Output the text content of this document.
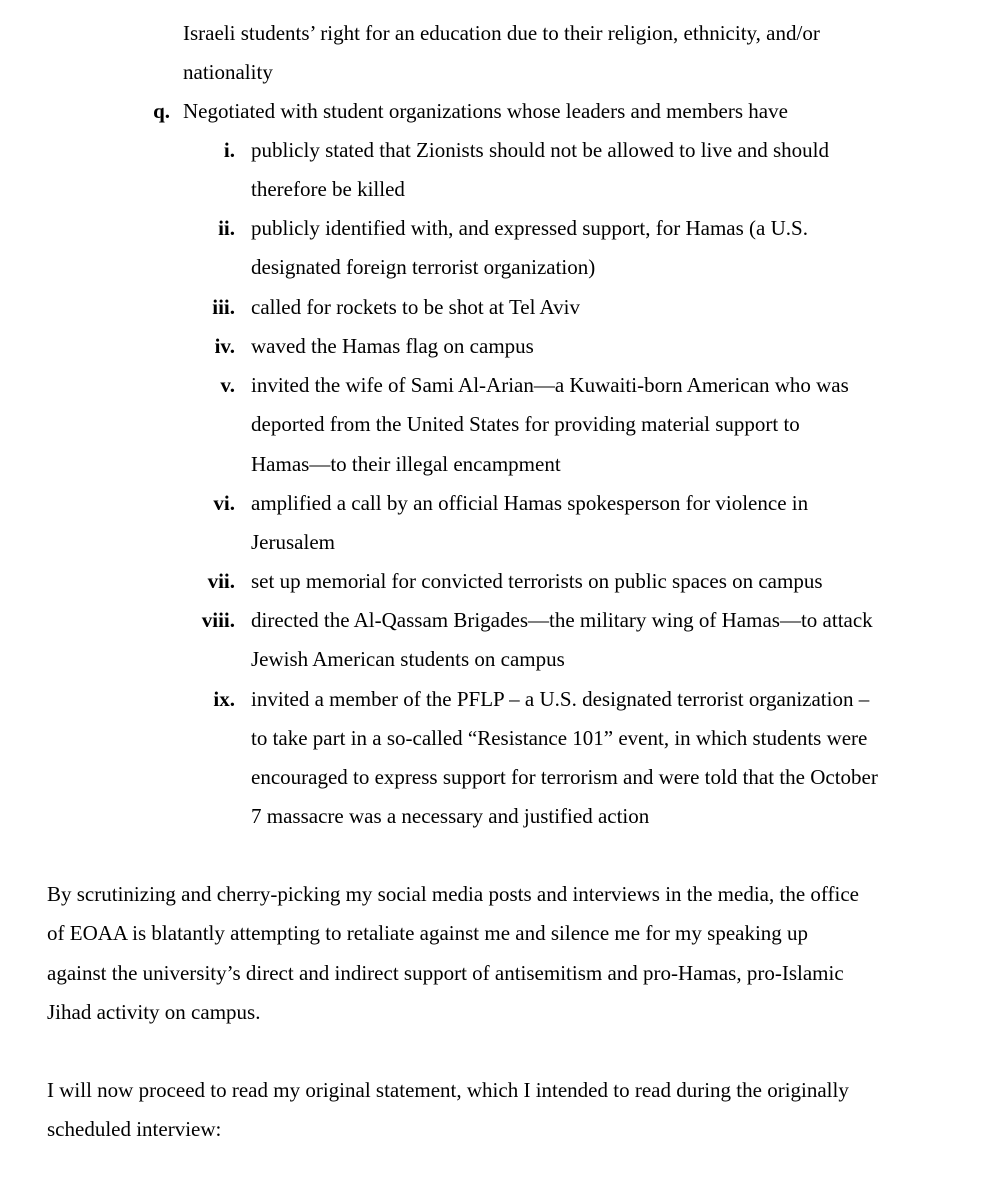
Israeli students’ right for an education due to their religion, ethnicity, and/or
nationality
q. Negotiated with student organizations whose leaders and members have
i. publicly stated that Zionists should not be allowed to live and should
therefore be killed
ii. publicly identified with, and expressed support, for Hamas (a U.S.
designated foreign terrorist organization)
iii. called for rockets to be shot at Tel Aviv
iv. waved the Hamas flag on campus
v. invited the wife of Sami Al-Arian—a Kuwaiti-born American who was
deported from the United States for providing material support to
Hamas—to their illegal encampment
vi. amplified a call by an official Hamas spokesperson for violence in
Jerusalem
vii. set up memorial for convicted terrorists on public spaces on campus
viii. directed the Al-Qassam Brigades—the military wing of Hamas—to attack
Jewish American students on campus
ix. invited a member of the PFLP – a U.S. designated terrorist organization –
to take part in a so-called “Resistance 101” event, in which students were
encouraged to express support for terrorism and were told that the October
7 massacre was a necessary and justified action
By scrutinizing and cherry-picking my social media posts and interviews in the media, the office
of EOAA is blatantly attempting to retaliate against me and silence me for my speaking up
against the university’s direct and indirect support of antisemitism and pro-Hamas, pro-Islamic
Jihad activity on campus.
I will now proceed to read my original statement, which I intended to read during the originally
scheduled interview:
